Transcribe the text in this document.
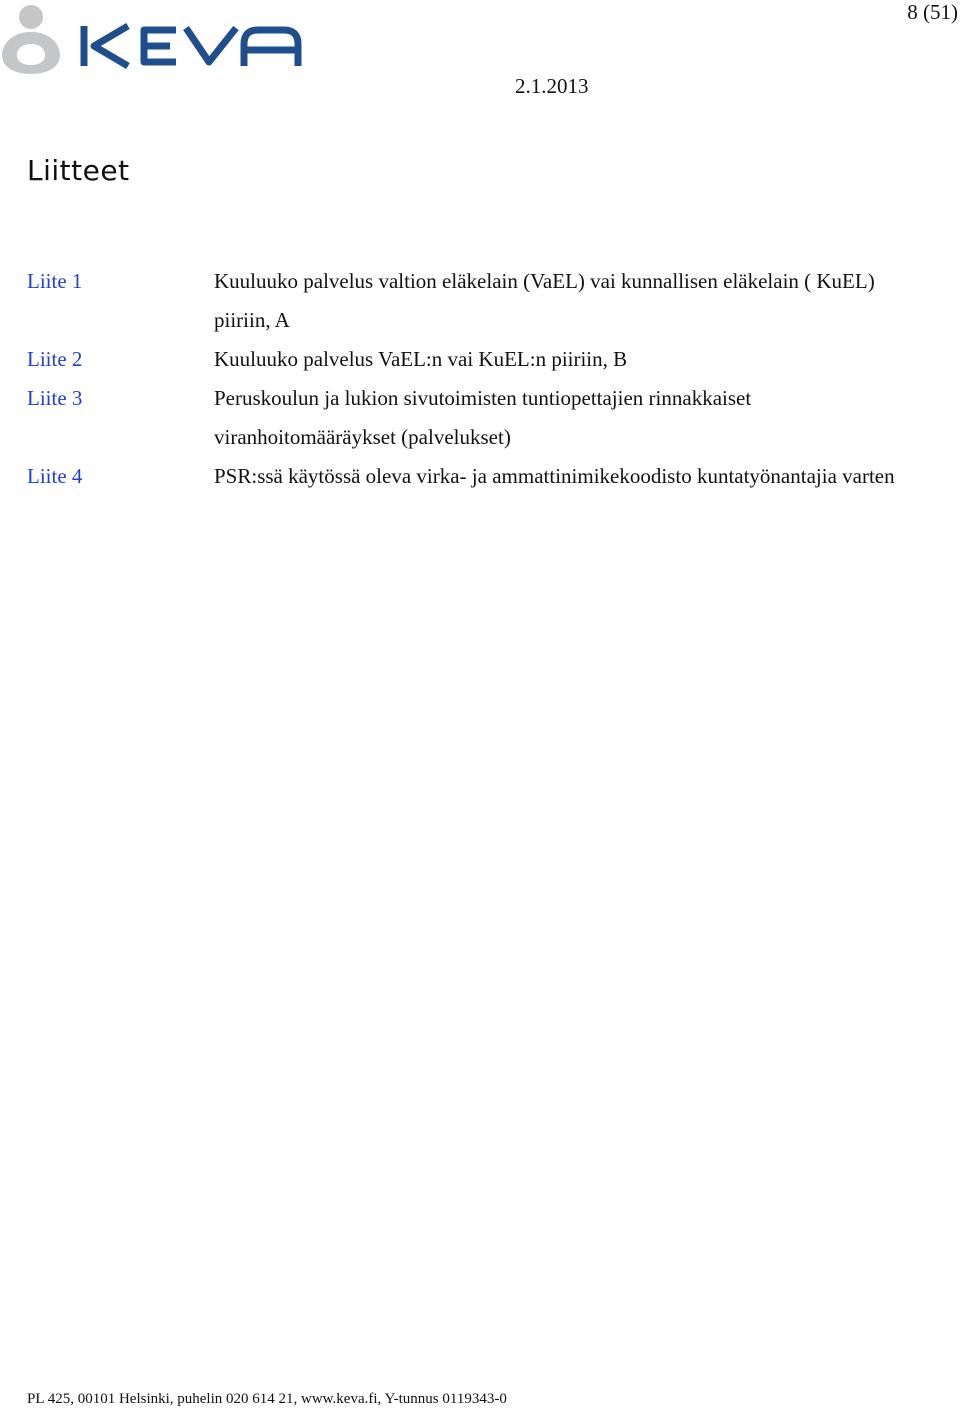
8 (51)
2.1.2013
Liitteet
Liite 1	Kuuluuko palvelus valtion eläkelain (VaEL) vai kunnallisen eläkelain ( KuEL) piiriin, A
Liite 2	Kuuluuko palvelus VaEL:n vai KuEL:n piiriin, B
Liite 3	Peruskoulun ja lukion sivutoimisten tuntiopettajien rinnakkaiset viranhoitomääräykset (palvelukset)
Liite 4	PSR:ssä käytössä oleva virka- ja ammattinimikekoodisto kuntatyönantajia varten
PL 425, 00101 Helsinki, puhelin 020 614 21, www.keva.fi, Y-tunnus 0119343-0
